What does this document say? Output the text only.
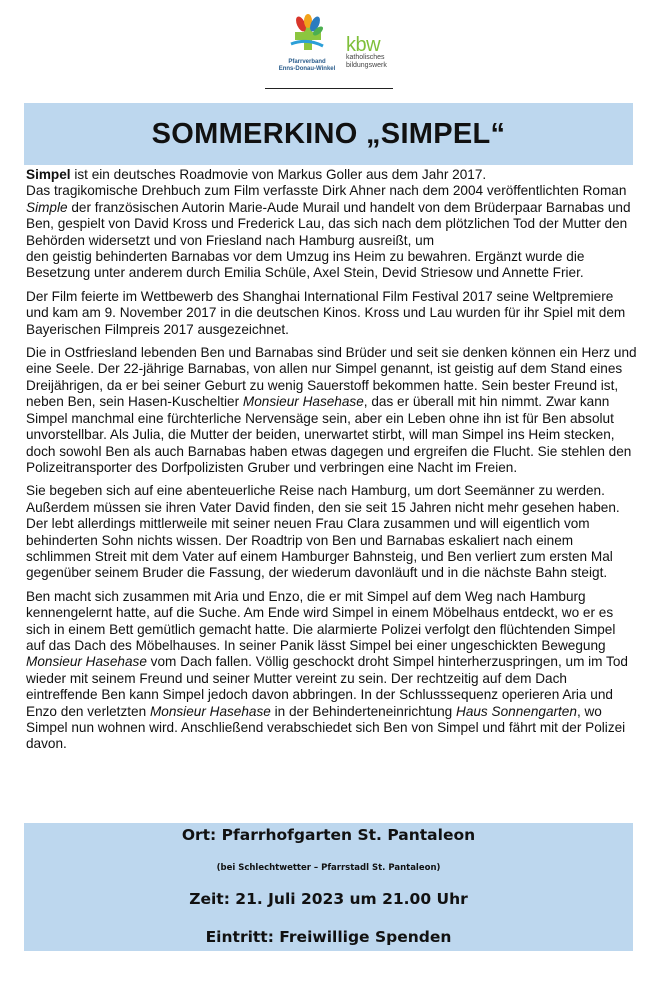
Pfarrverband
Enns-Donau-Winkel
kbw
katholisches
bildungswerk
SOMMERKINO „SIMPEL“

Simpel ist ein deutsches Roadmovie von Markus Goller aus dem Jahr 2017.
Das tragikomische Drehbuch zum Film verfasste Dirk Ahner nach dem 2004 veröffentlichten Roman Simple der französischen Autorin Marie-Aude Murail und handelt von dem Brüderpaar Barnabas und Ben, gespielt von David Kross und Frederick Lau, das sich nach dem plötzlichen Tod der Mutter den Behörden widersetzt und von Friesland nach Hamburg ausreißt, um
den geistig behinderten Barnabas vor dem Umzug ins Heim zu bewahren. Ergänzt wurde die Besetzung unter anderem durch Emilia Schüle, Axel Stein, Devid Striesow und Annette Frier.

Der Film feierte im Wettbewerb des Shanghai International Film Festival 2017 seine Weltpremiere und kam am 9. November 2017 in die deutschen Kinos. Kross und Lau wurden für ihr Spiel mit dem Bayerischen Filmpreis 2017 ausgezeichnet.

Die in Ostfriesland lebenden Ben und Barnabas sind Brüder und seit sie denken können ein Herz und eine Seele. Der 22-jährige Barnabas, von allen nur Simpel genannt, ist geistig auf dem Stand eines Dreijährigen, da er bei seiner Geburt zu wenig Sauerstoff bekommen hatte. Sein bester Freund ist, neben Ben, sein Hasen-Kuscheltier Monsieur Hasehase, das er überall mit hin nimmt. Zwar kann Simpel manchmal eine fürchterliche Nervensäge sein, aber ein Leben ohne ihn ist für Ben absolut unvorstellbar. Als Julia, die Mutter der beiden, unerwartet stirbt, will man Simpel ins Heim stecken, doch sowohl Ben als auch Barnabas haben etwas dagegen und ergreifen die Flucht. Sie stehlen den Polizeitransporter des Dorfpolizisten Gruber und verbringen eine Nacht im Freien.

Sie begeben sich auf eine abenteuerliche Reise nach Hamburg, um dort Seemänner zu werden. Außerdem müssen sie ihren Vater David finden, den sie seit 15 Jahren nicht mehr gesehen haben. Der lebt allerdings mittlerweile mit seiner neuen Frau Clara zusammen und will eigentlich vom behinderten Sohn nichts wissen. Der Roadtrip von Ben und Barnabas eskaliert nach einem schlimmen Streit mit dem Vater auf einem Hamburger Bahnsteig, und Ben verliert zum ersten Mal gegenüber seinem Bruder die Fassung, der wiederum davonläuft und in die nächste Bahn steigt.

Ben macht sich zusammen mit Aria und Enzo, die er mit Simpel auf dem Weg nach Hamburg kennengelernt hatte, auf die Suche. Am Ende wird Simpel in einem Möbelhaus entdeckt, wo er es sich in einem Bett gemütlich gemacht hatte. Die alarmierte Polizei verfolgt den flüchtenden Simpel auf das Dach des Möbelhauses. In seiner Panik lässt Simpel bei einer ungeschickten Bewegung Monsieur Hasehase vom Dach fallen. Völlig geschockt droht Simpel hinterherzuspringen, um im Tod wieder mit seinem Freund und seiner Mutter vereint zu sein. Der rechtzeitig auf dem Dach eintreffende Ben kann Simpel jedoch davon abbringen. In der Schlusssequenz operieren Aria und Enzo den verletzten Monsieur Hasehase in der Behinderteneinrichtung Haus Sonnengarten, wo Simpel nun wohnen wird. Anschließend verabschiedet sich Ben von Simpel und fährt mit der Polizei davon.

Ort: Pfarrhofgarten St. Pantaleon
(bei Schlechtwetter – Pfarrstadl St. Pantaleon)
Zeit: 21. Juli 2023 um 21.00 Uhr
Eintritt: Freiwillige Spenden
